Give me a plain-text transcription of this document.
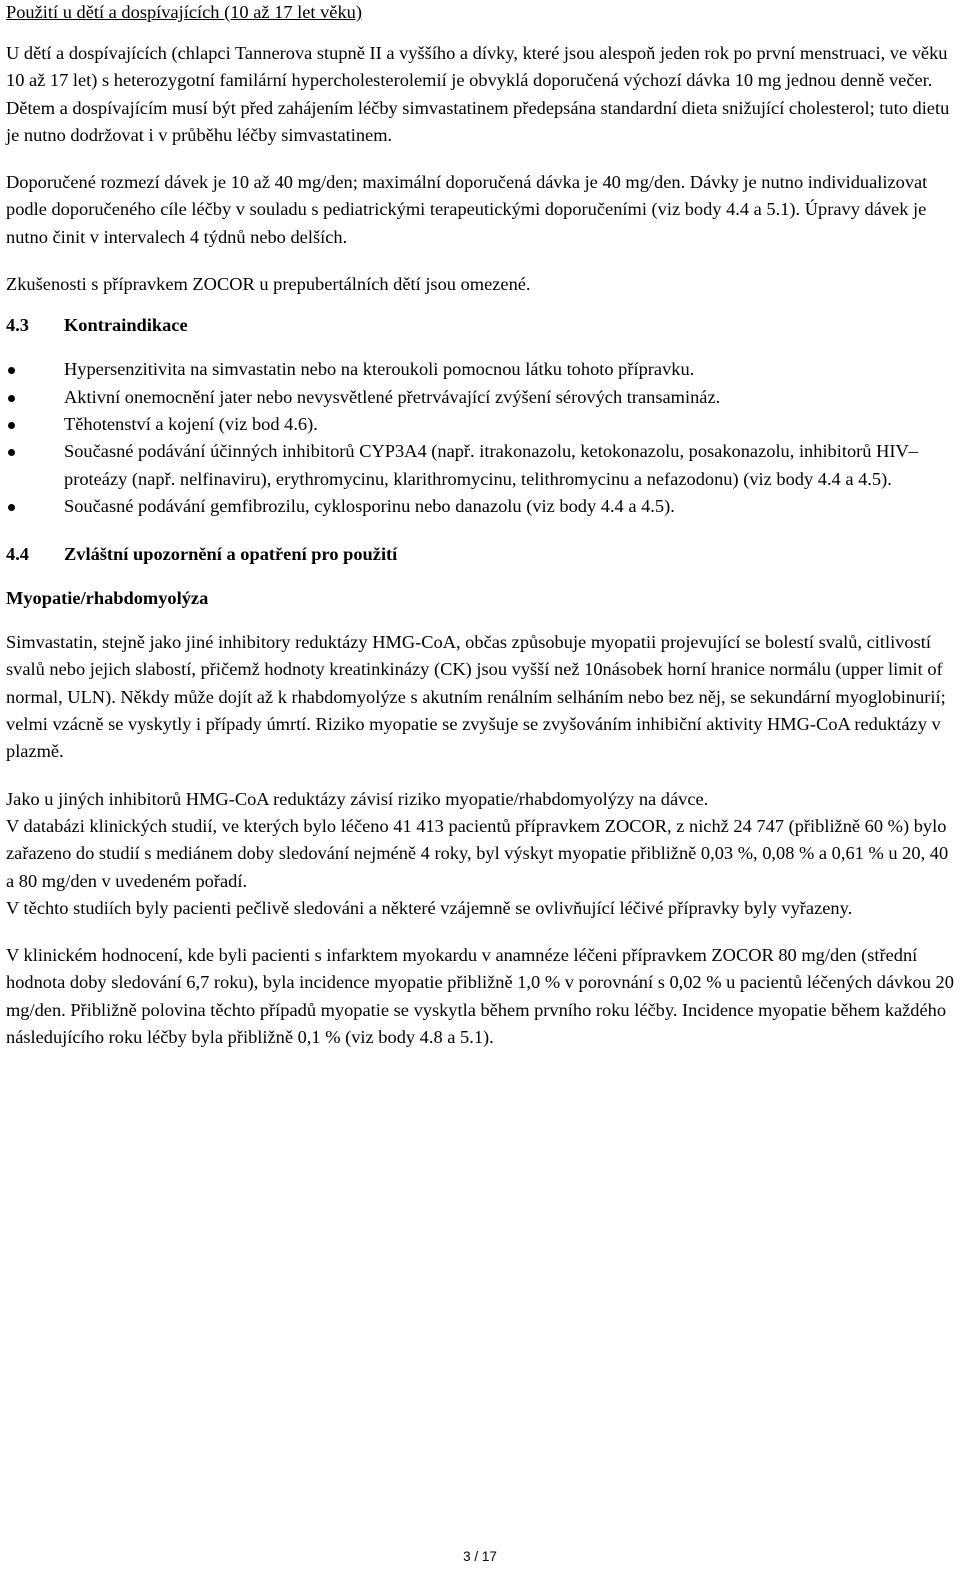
Použití u dětí a dospívajících (10 až 17 let věku)

U dětí a dospívajících (chlapci Tannerova stupně II a vyššího a dívky, které jsou alespoň jeden rok po první menstruaci, ve věku 10 až 17 let) s heterozygotní familární hypercholesterolemií je obvyklá doporučená výchozí dávka 10 mg jednou denně večer. Dětem a dospívajícím musí být před zahájením léčby simvastatinem předepsána standardní dieta snižující cholesterol; tuto dietu je nutno dodržovat i v průběhu léčby simvastatinem.

Doporučené rozmezí dávek je 10 až 40 mg/den; maximální doporučená dávka je 40 mg/den. Dávky je nutno individualizovat podle doporučeného cíle léčby v souladu s pediatrickými terapeutickými doporučeními (viz body 4.4 a 5.1). Úpravy dávek je nutno činit v intervalech 4 týdnů nebo delších.

Zkušenosti s přípravkem ZOCOR u prepubertálních dětí jsou omezené.

4.3 Kontraindikace
Hypersenzitivita na simvastatin nebo na kteroukoli pomocnou látku tohoto přípravku.
Aktivní onemocnění jater nebo nevysvětlené přetrvávající zvýšení sérových transamináz.
Těhotenství a kojení (viz bod 4.6).
Současné podávání účinných inhibitorů CYP3A4 (např. itrakonazolu, ketokonazolu, posakonazolu, inhibitorů HIV‒proteázy (např. nelfinaviru), erythromycinu, klarithromycinu, telithromycinu a nefazodonu) (viz body 4.4 a 4.5).
Současné podávání gemfibrozilu, cyklosporinu nebo danazolu (viz body 4.4 a 4.5).
4.4 Zvláštní upozornění a opatření pro použití
Myopatie/rhabdomyolýza

Simvastatin, stejně jako jiné inhibitory reduktázy HMG-CoA, občas způsobuje myopatii projevující se bolestí svalů, citlivostí svalů nebo jejich slabostí, přičemž hodnoty kreatinkinázy (CK) jsou vyšší než 10násobek horní hranice normálu (upper limit of normal, ULN). Někdy může dojít až k rhabdomyolýze s akutním renálním selháním nebo bez něj, se sekundární myoglobinurií; velmi vzácně se vyskytly i případy úmrtí. Riziko myopatie se zvyšuje se zvyšováním inhibiční aktivity HMG-CoA reduktázy v plazmě.

Jako u jiných inhibitorů HMG-CoA reduktázy závisí riziko myopatie/rhabdomyolýzy na dávce.

V databázi klinických studií, ve kterých bylo léčeno 41 413 pacientů přípravkem ZOCOR, z nichž 24 747 (přibližně 60 %) bylo zařazeno do studií s mediánem doby sledování nejméně 4 roky, byl výskyt myopatie přibližně 0,03 %, 0,08 % a 0,61 % u 20, 40 a 80 mg/den v uvedeném pořadí.

V těchto studiích byly pacienti pečlivě sledováni a některé vzájemně se ovlivňující léčivé přípravky byly vyřazeny.

V klinickém hodnocení, kde byli pacienti s infarktem myokardu v anamnéze léčeni přípravkem ZOCOR 80 mg/den (střední hodnota doby sledování 6,7 roku), byla incidence myopatie přibližně 1,0 % v porovnání s 0,02 % u pacientů léčených dávkou 20 mg/den. Přibližně polovina těchto případů myopatie se vyskytla během prvního roku léčby. Incidence myopatie během každého následujícího roku léčby byla přibližně 0,1 % (viz body 4.8 a 5.1).

3 / 17
